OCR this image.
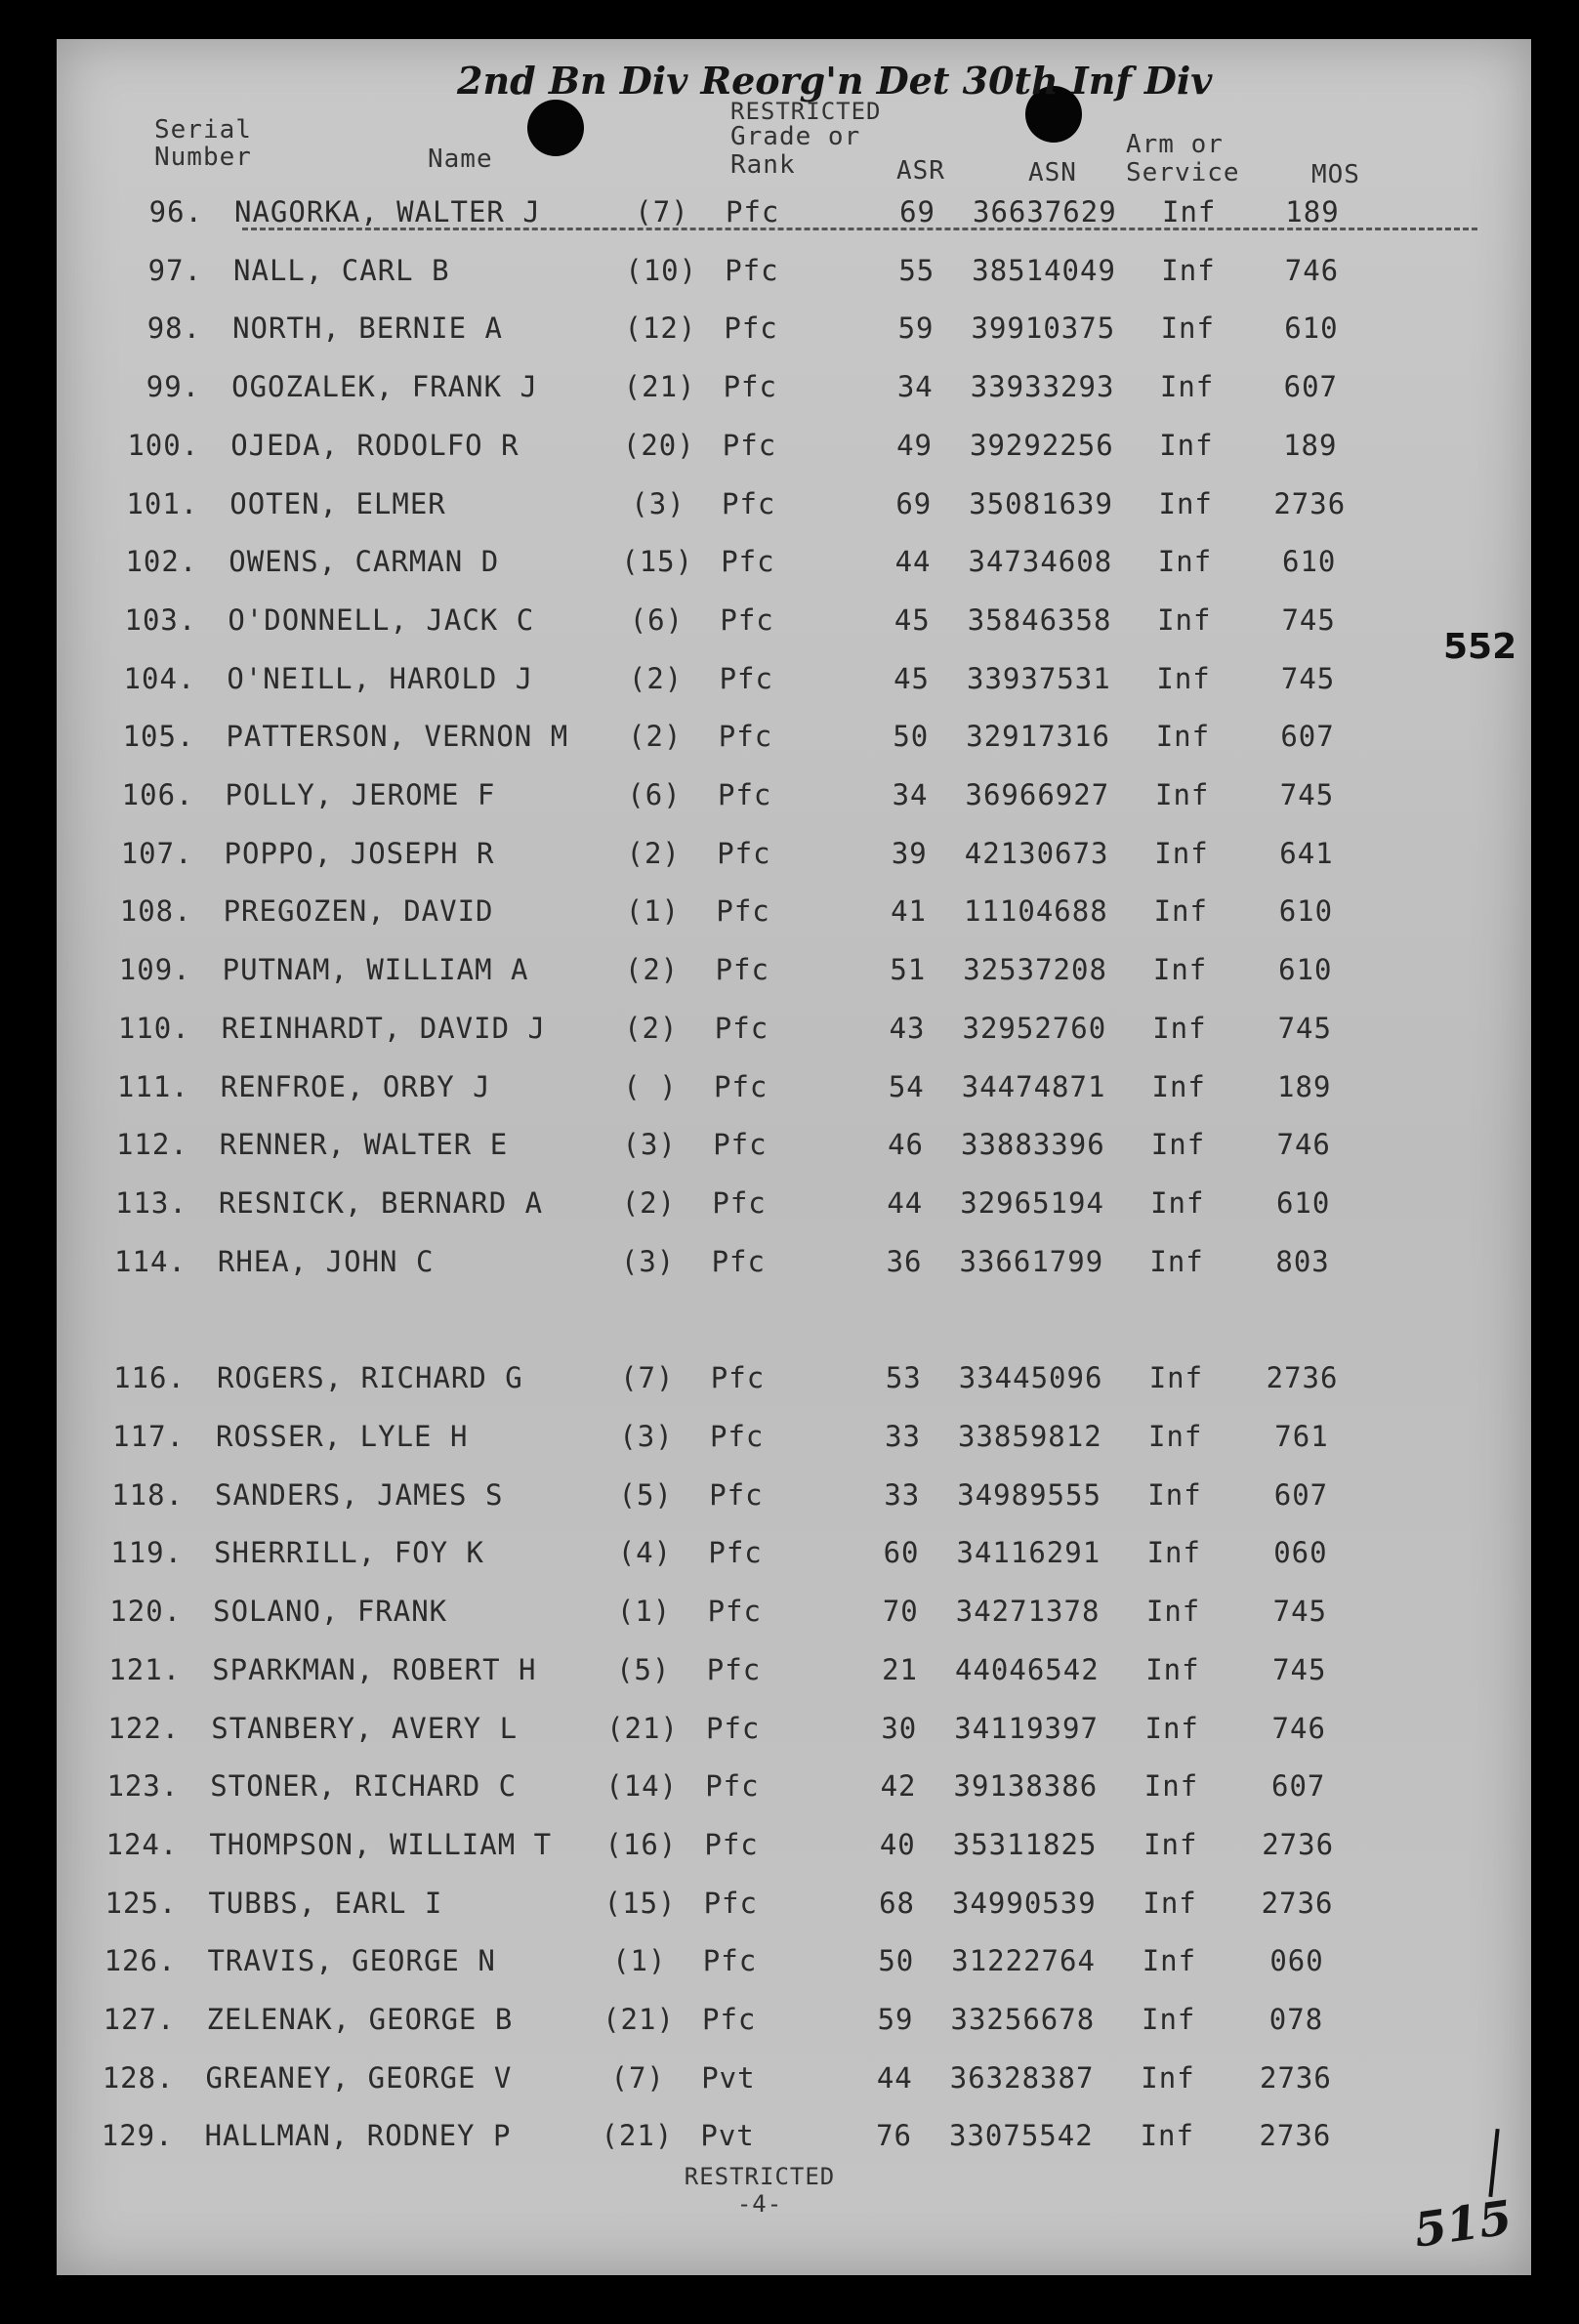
2nd Bn Div Reorg'n Det 30th Inf Div
RESTRICTED
Serial
Number	Name
Grade or
Rank	ASR	ASN
Arm or
Service	MOS
96. NAGORKA, WALTER J	(7)	Pfc	69 36637629 Inf	189
97. NALL, CARL B	(10) Pfc	55 38514049 Inf	746
98. NORTH, BERNIE A	(12) Pfc	59 39910375 Inf	610
99. OGOZALEK, FRANK J	(21) Pfc	34 33933293 Inf	607
100. OJEDA, RODOLFO R	(20) Pfc	49 39292256 Inf	189
101. OOTEN, ELMER	(3)	Pfc	69 35081639 Inf	2736
102. OWENS, CARMAN D	(15) Pfc	44 34734608 Inf	610
103. O'DONNELL, JACK C	(6)	Pfc	45 35846358 Inf	745
104. O'NEILL, HAROLD J	(2)	Pfc	45 33937531 Inf	745
105. PATTERSON, VERNON M	(2)	Pfc	50 32917316 Inf	607
106. POLLY, JEROME F	(6)	Pfc	34 36966927 Inf	745
107. POPPO, JOSEPH R	(2)	Pfc	39 42130673 Inf	641
108. PREGOZEN, DAVID	(1)	Pfc	41 11104688 Inf	610
109. PUTNAM, WILLIAM A	(2)	Pfc	51 32537208 Inf	610
110. REINHARDT, DAVID J	(2)	Pfc	43 32952760 Inf	745
111. RENFROE, ORBY J	( )	Pfc	54 34474871 Inf	189
112. RENNER, WALTER E	(3)	Pfc	46 33883396 Inf	746
113. RESNICK, BERNARD A	(2)	Pfc	44 32965194 Inf	610
114. RHEA, JOHN C	(3)	Pfc	36 33661799 Inf	803
116. ROGERS, RICHARD G	(7)	Pfc	53 33445096 Inf	2736
117. ROSSER, LYLE H	(3)	Pfc	33 33859812 Inf	761
118. SANDERS, JAMES S	(5)	Pfc	33 34989555 Inf	607
119. SHERRILL, FOY K	(4)	Pfc	60 34116291 Inf	060
120. SOLANO, FRANK	(1)	Pfc	70 34271378 Inf	745
121. SPARKMAN, ROBERT H	(5)	Pfc	21 44046542 Inf	745
122. STANBERY, AVERY L	(21) Pfc	30 34119397 Inf	746
123. STONER, RICHARD C	(14) Pfc	42 39138386 Inf	607
124. THOMPSON, WILLIAM T (16) Pfc	40 35311825 Inf	2736
125. TUBBS, EARL I	(15) Pfc	68 34990539 Inf	2736
126. TRAVIS, GEORGE N	(1)	Pfc	50 31222764 Inf	060
127. ZELENAK, GEORGE B	(21) Pfc	59 33256678 Inf	078
128. GREANEY, GEORGE V	(7)	Pvt	44 36328387 Inf	2736
129. HALLMAN, RODNEY P	(21) Pvt	76 33075542 Inf	2736
552
RESTRICTED
-4-	515
